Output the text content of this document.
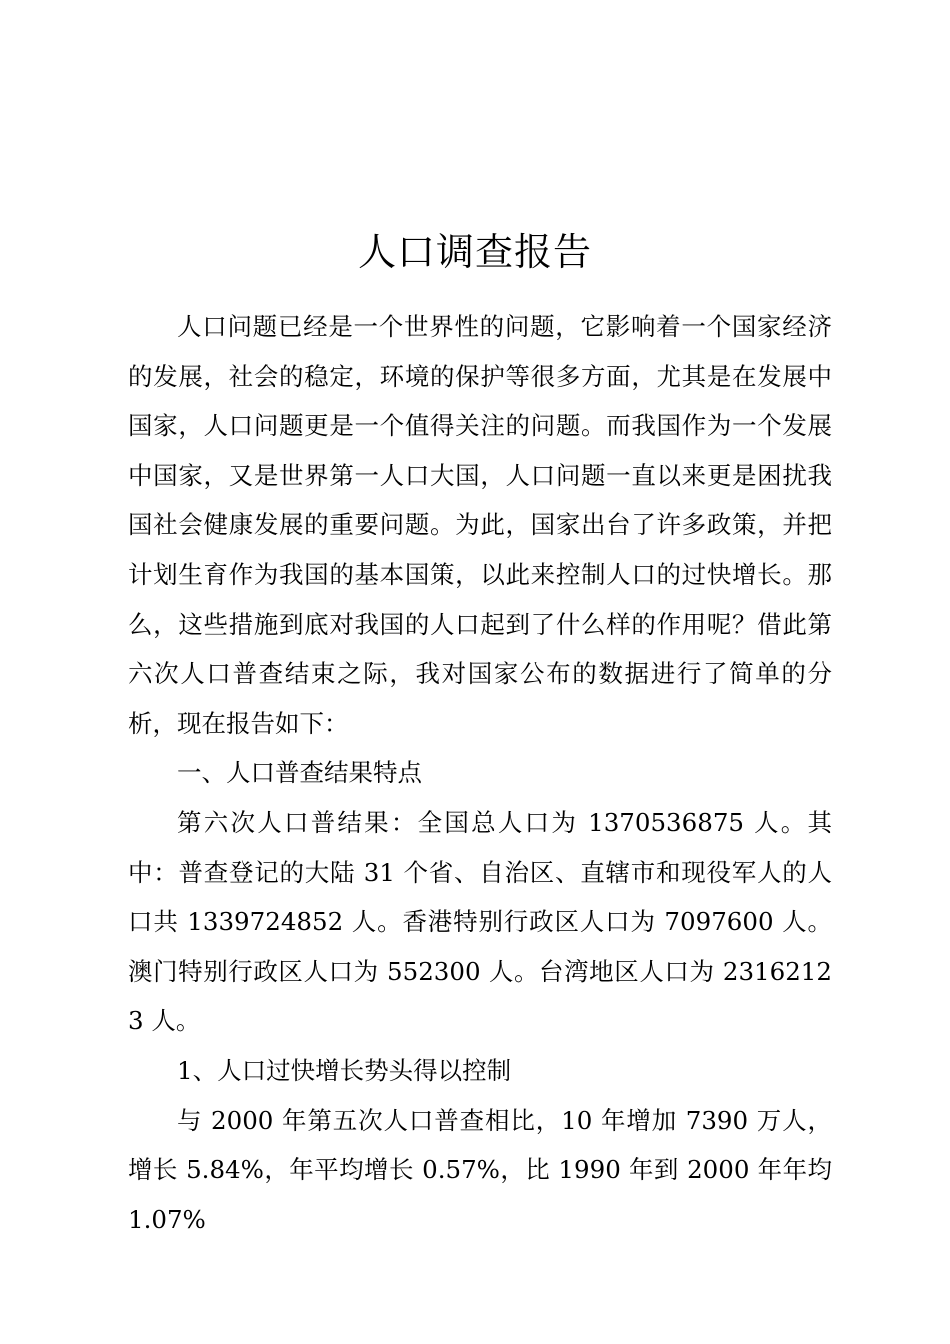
人口调查报告

人口问题已经是一个世界性的问题，它影响着一个国家经济的发展，社会的稳定，环境的保护等很多方面，尤其是在发展中国家，人口问题更是一个值得关注的问题。而我国作为一个发展中国家，又是世界第一人口大国，人口问题一直以来更是困扰我国社会健康发展的重要问题。为此，国家出台了许多政策，并把计划生育作为我国的基本国策，以此来控制人口的过快增长。那么，这些措施到底对我国的人口起到了什么样的作用呢？借此第六次人口普查结束之际，我对国家公布的数据进行了简单的分析，现在报告如下：

一、人口普查结果特点

第六次人口普结果：全国总人口为 1370536875 人。其中：普查登记的大陆 31 个省、自治区、直辖市和现役军人的人口共 1339724852 人。香港特别行政区人口为 7097600 人。澳门特别行政区人口为 552300 人。台湾地区人口为 23162123 人。

1、人口过快增长势头得以控制

与 2000 年第五次人口普查相比，10 年增加 7390 万人，增长 5.84%，年平均增长 0.57%，比 1990 年到 2000 年年均 1.07%
